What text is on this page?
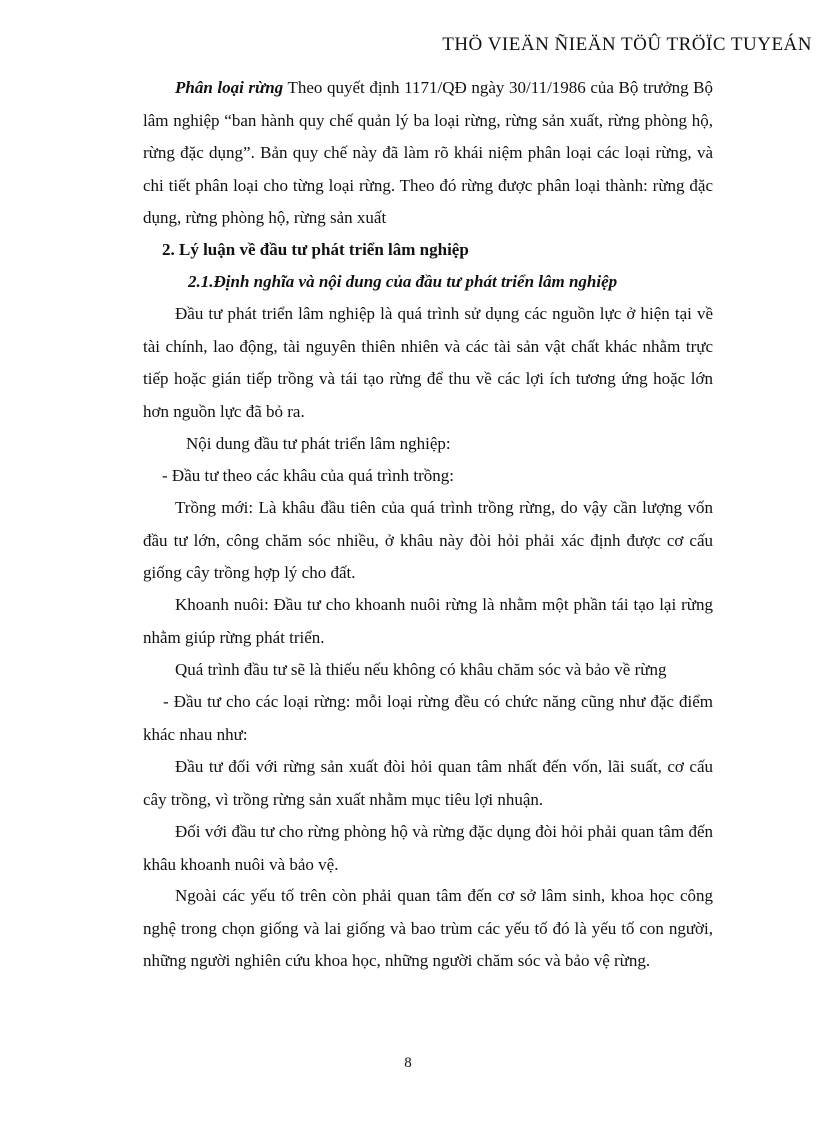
THÖ VIEÄN ÑIEÄN TÖÛ TRÖÏC TUYEÁN

Phân loại rừng Theo quyết định 1171/QĐ ngày 30/11/1986 của Bộ trưởng Bộ lâm nghiệp “ban hành quy chế quản lý ba loại rừng, rừng sản xuất, rừng phòng hộ, rừng đặc dụng”. Bản quy chế này đã làm rõ khái niệm phân loại các loại rừng, và chi tiết phân loại cho từng loại rừng. Theo đó rừng được phân loại thành: rừng đặc dụng, rừng phòng hộ, rừng sản xuất

2. Lý luận về đầu tư phát triển lâm nghiệp

2.1.Định nghĩa và nội dung của đầu tư phát triển lâm nghiệp

Đầu tư phát triển lâm nghiệp là quá trình sử dụng các nguồn lực ở hiện tại về tài chính, lao động, tài nguyên thiên nhiên và các tài sản vật chất khác nhằm trực tiếp hoặc gián tiếp trồng và tái tạo rừng để thu về các lợi ích tương ứng hoặc lớn hơn nguồn lực đã bỏ ra.

Nội dung đầu tư phát triển lâm nghiệp:

- Đầu tư theo các khâu của quá trình trồng:

Trồng mới: Là khâu đầu tiên của quá trình trồng rừng, do vậy cần lượng vốn đầu tư lớn, công chăm sóc nhiều, ở khâu này đòi hỏi phải xác định được cơ cấu giống cây trồng hợp lý cho đất.

Khoanh nuôi: Đầu tư cho khoanh nuôi rừng là nhằm một phần tái tạo lại rừng nhằm giúp rừng phát triển.

Quá trình đầu tư sẽ là thiếu nếu không có khâu chăm sóc và bảo về rừng

- Đầu tư cho các loại rừng: mỗi loại rừng đều có chức năng cũng như đặc điểm khác nhau như:

Đầu tư đối với rừng sản xuất đòi hỏi quan tâm nhất đến vốn, lãi suất, cơ cấu cây trồng, vì trồng rừng sản xuất nhằm mục tiêu lợi nhuận.

Đối với đầu tư cho rừng phòng hộ và rừng đặc dụng đòi hỏi phải quan tâm đến khâu khoanh nuôi và bảo vệ.

Ngoài các yếu tố trên còn phải quan tâm đến cơ sở lâm sinh, khoa học công nghệ trong chọn giống và lai giống và bao trùm các yếu tố đó là yếu tố con người, những người nghiên cứu khoa học, những người chăm sóc và bảo vệ rừng.

8
